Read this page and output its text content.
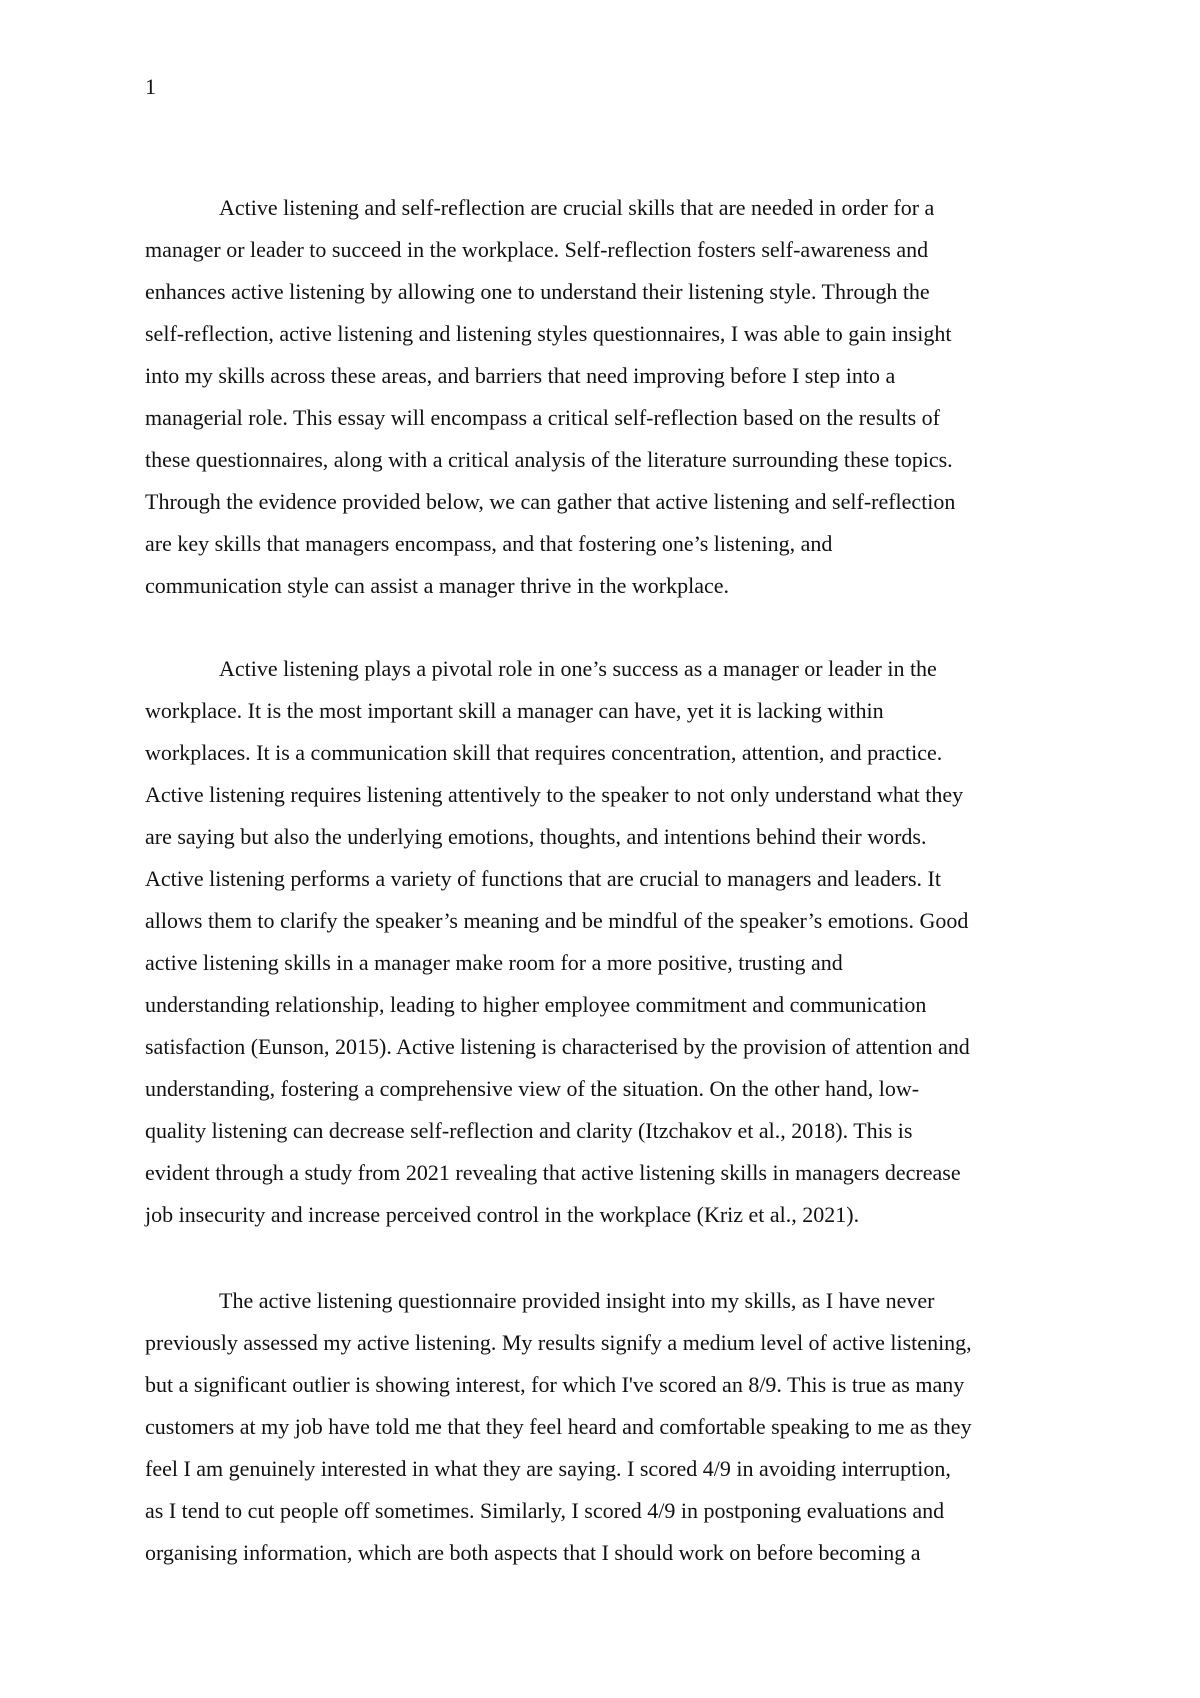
1
Active listening and self-reflection are crucial skills that are needed in order for a
manager or leader to succeed in the workplace. Self-reflection fosters self-awareness and
enhances active listening by allowing one to understand their listening style. Through the
self-reflection, active listening and listening styles questionnaires, I was able to gain insight
into my skills across these areas, and barriers that need improving before I step into a
managerial role. This essay will encompass a critical self-reflection based on the results of
these questionnaires, along with a critical analysis of the literature surrounding these topics.
Through the evidence provided below, we can gather that active listening and self-reflection
are key skills that managers encompass, and that fostering one’s listening, and
communication style can assist a manager thrive in the workplace.
Active listening plays a pivotal role in one’s success as a manager or leader in the
workplace. It is the most important skill a manager can have, yet it is lacking within
workplaces. It is a communication skill that requires concentration, attention, and practice.
Active listening requires listening attentively to the speaker to not only understand what they
are saying but also the underlying emotions, thoughts, and intentions behind their words.
Active listening performs a variety of functions that are crucial to managers and leaders. It
allows them to clarify the speaker’s meaning and be mindful of the speaker’s emotions. Good
active listening skills in a manager make room for a more positive, trusting and
understanding relationship, leading to higher employee commitment and communication
satisfaction (Eunson, 2015). Active listening is characterised by the provision of attention and
understanding, fostering a comprehensive view of the situation. On the other hand, low-
quality listening can decrease self-reflection and clarity (Itzchakov et al., 2018). This is
evident through a study from 2021 revealing that active listening skills in managers decrease
job insecurity and increase perceived control in the workplace (Kriz et al., 2021).
The active listening questionnaire provided insight into my skills, as I have never
previously assessed my active listening. My results signify a medium level of active listening,
but a significant outlier is showing interest, for which I've scored an 8/9. This is true as many
customers at my job have told me that they feel heard and comfortable speaking to me as they
feel I am genuinely interested in what they are saying. I scored 4/9 in avoiding interruption,
as I tend to cut people off sometimes. Similarly, I scored 4/9 in postponing evaluations and
organising information, which are both aspects that I should work on before becoming a
